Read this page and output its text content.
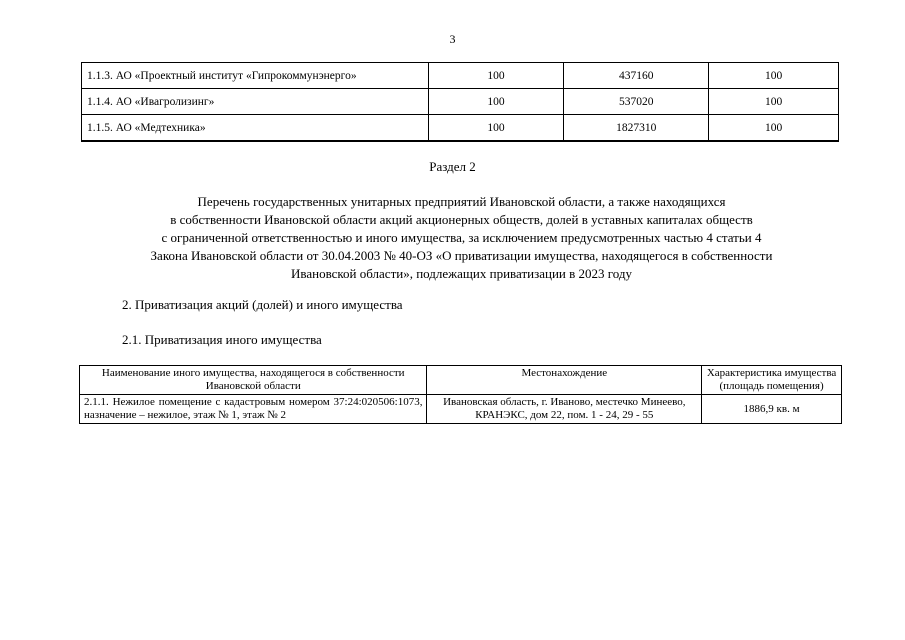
3
1.1.3. АО «Проектный институт «Гипрокоммунэнерго»	100	437160	100
1.1.4. АО «Ивагролизинг»	100	537020	100
1.1.5. АО «Медтехника»	100	1827310	100
Раздел 2
Перечень государственных унитарных предприятий Ивановской области, а также находящихся
в собственности Ивановской области акций акционерных обществ, долей в уставных капиталах обществ
с ограниченной ответственностью и иного имущества, за исключением предусмотренных частью 4 статьи 4
Закона Ивановской области от 30.04.2003 № 40-ОЗ «О приватизации имущества, находящегося в собственности
Ивановской области», подлежащих приватизации в 2023 году
2. Приватизация акций (долей) и иного имущества
2.1. Приватизация иного имущества
Наименование иного имущества, находящегося в собственности Ивановской области	Местонахождение	Характеристика имущества (площадь помещения)
2.1.1. Нежилое помещение с кадастровым номером 37:24:020506:1073, назначение – нежилое, этаж № 1, этаж № 2	Ивановская область, г. Иваново, местечко Минеево, КРАНЭКС, дом 22, пом. 1 - 24, 29 - 55	1886,9 кв. м
